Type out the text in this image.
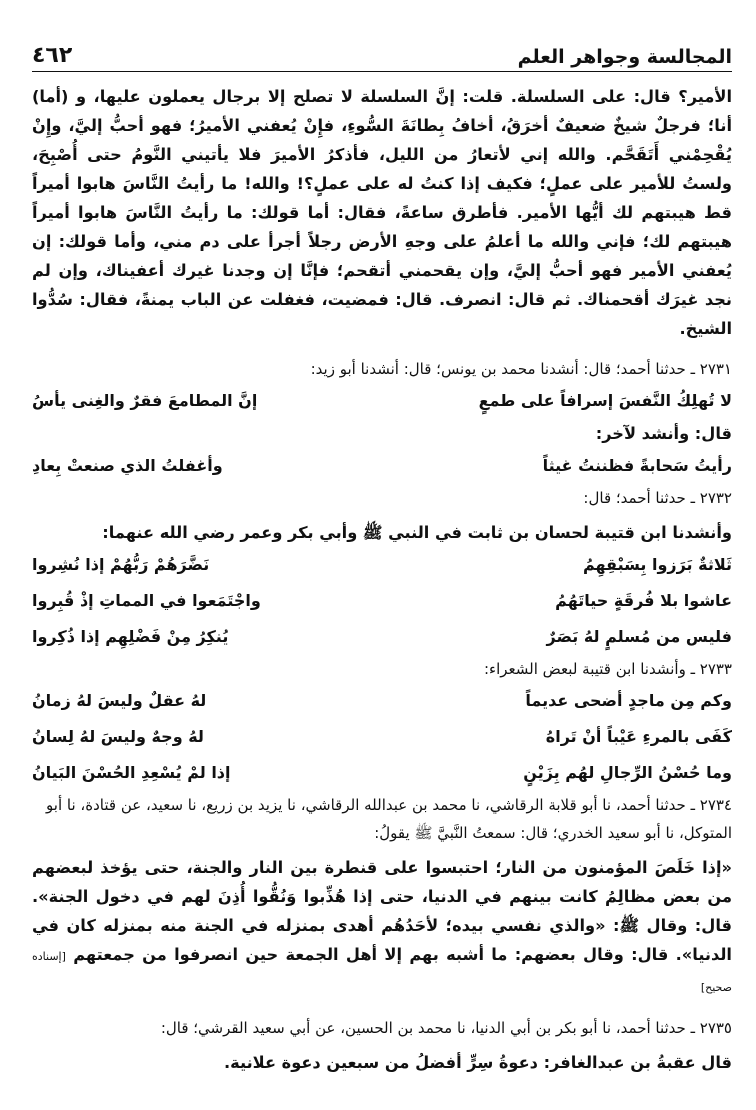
المجالسة وجواهر العلم
٤٦٢

الأمير؟ قال: على السلسلة. قلت: إنَّ السلسلة لا تصلح إلا برجال يعملون عليها، و (أما) أنا؛ فرجلٌ شيخٌ ضعيفٌ أخرَقُ، أخافُ بِطانَةَ السُّوءِ، فإِنْ يُعفني الأميرُ؛ فهو أحبُّ إليَّ، وإِنْ يُقْحِمْني أَتَقَحَّم. والله إني لأتعارُ من الليل، فأذكرُ الأميرَ فلا يأتيني النَّومُ حتى أُصْبِحَ، ولستُ للأمير على عملٍ؛ فكيف إذا كنتُ له على عملٍ؟! والله! ما رأيتُ النَّاسَ هابوا أميراً قط هيبتهم لك أيُّها الأمير. فأطرق ساعةً، فقال: أما قولك: ما رأيتُ النَّاسَ هابوا أميراً هيبتهم لك؛ فإني والله ما أعلمُ على وجهِ الأرض رجلاً أجرأ على دم مني، وأما قولك: إن يُعفني الأمير فهو أحبُّ إليَّ، وإن يقحمني أتقحم؛ فإنَّا إن وجدنا غيرك أعفيناك، وإن لم نجد غيرَك أقحمناك. ثم قال: انصرف. قال: فمضيت، فغفلت عن الباب يمنةً، فقال: سُدُّوا الشيخ.

٢٧٣١ ـ حدثنا أحمد؛ قال: أنشدنا محمد بن يونس؛ قال: أنشدنا أبو زيد:

لا تُهلِكُ النَّفسَ إسرافاً على طمعٍ
إنَّ المطامعَ فقرٌ والغِنى يأسُ

قال: وأنشد لآخر:

رأيتُ سَحابةً فظننتُ غيثاً
وأغفلتُ الذي صنعتْ بِعادِ

٢٧٣٢ ـ حدثنا أحمد؛ قال:

وأنشدنا ابن قتيبة لحسان بن ثابت في النبي ﷺ وأبي بكر وعمر رضي الله عنهما:

ثَلاثةٌ بَرَزوا بِسَبْقِهِمُ
نَضَّرَهُمْ رَبُّهُمْ إذا نُشِروا
عاشوا بلا فُرقَةٍ حياتَهُمُ
واجْتَمَعوا في المماتِ إذْ قُبِروا
فليس من مُسلمٍ لهُ بَصَرٌ
يُنكِرُ مِنْ فَضْلِهِم إذا ذُكِروا

٢٧٣٣ ـ وأنشدنا ابن قتيبة لبعض الشعراء:

وكم مِن ماجدٍ أضحى عديماً
لهُ عقلٌ وليسَ لهُ زمانُ
كَفَى بالمرءِ عَيْباً أنْ تَراهُ
لهُ وجهٌ وليسَ لهُ لِسانُ
وما حُسْنُ الرِّجالِ لهُم بِزَيْنٍ
إذا لمْ يُسْعِدِ الحُسْنَ البَيانُ

٢٧٣٤ ـ حدثنا أحمد، نا أبو قلابة الرقاشي، نا محمد بن عبدالله الرقاشي، نا يزيد بن زريع، نا سعيد، عن قتادة، نا أبو المتوكل، نا أبو سعيد الخدري؛ قال: سمعتُ النَّبيَّ ﷺ يقولُ:

«إذا خَلَصَ المؤمنون من النار؛ احتبسوا على قنطرة بين النار والجنة، حتى يؤخذ لبعضهم من بعض مظالِمُ كانت بينهم في الدنيا، حتى إذا هُذِّبوا وَنُقُّوا أُذِنَ لهم في دخول الجنة». قال: وقال ﷺ: «والذي نفسي بيده؛ لأحَدُهُم أهدى بمنزله في الجنة منه بمنزله كان في الدنيا». قال: وقال بعضهم: ما أشبه بهم إلا أهل الجمعة حين انصرفوا من جمعتهم [إسناده صحيح]

٢٧٣٥ ـ حدثنا أحمد، نا أبو بكر بن أبي الدنيا، نا محمد بن الحسين، عن أبي سعيد القرشي؛ قال:

قال عقبةُ بن عبدالغافر: دعوةُ سِرٍّ أفضلُ من سبعين دعوة علانية.
